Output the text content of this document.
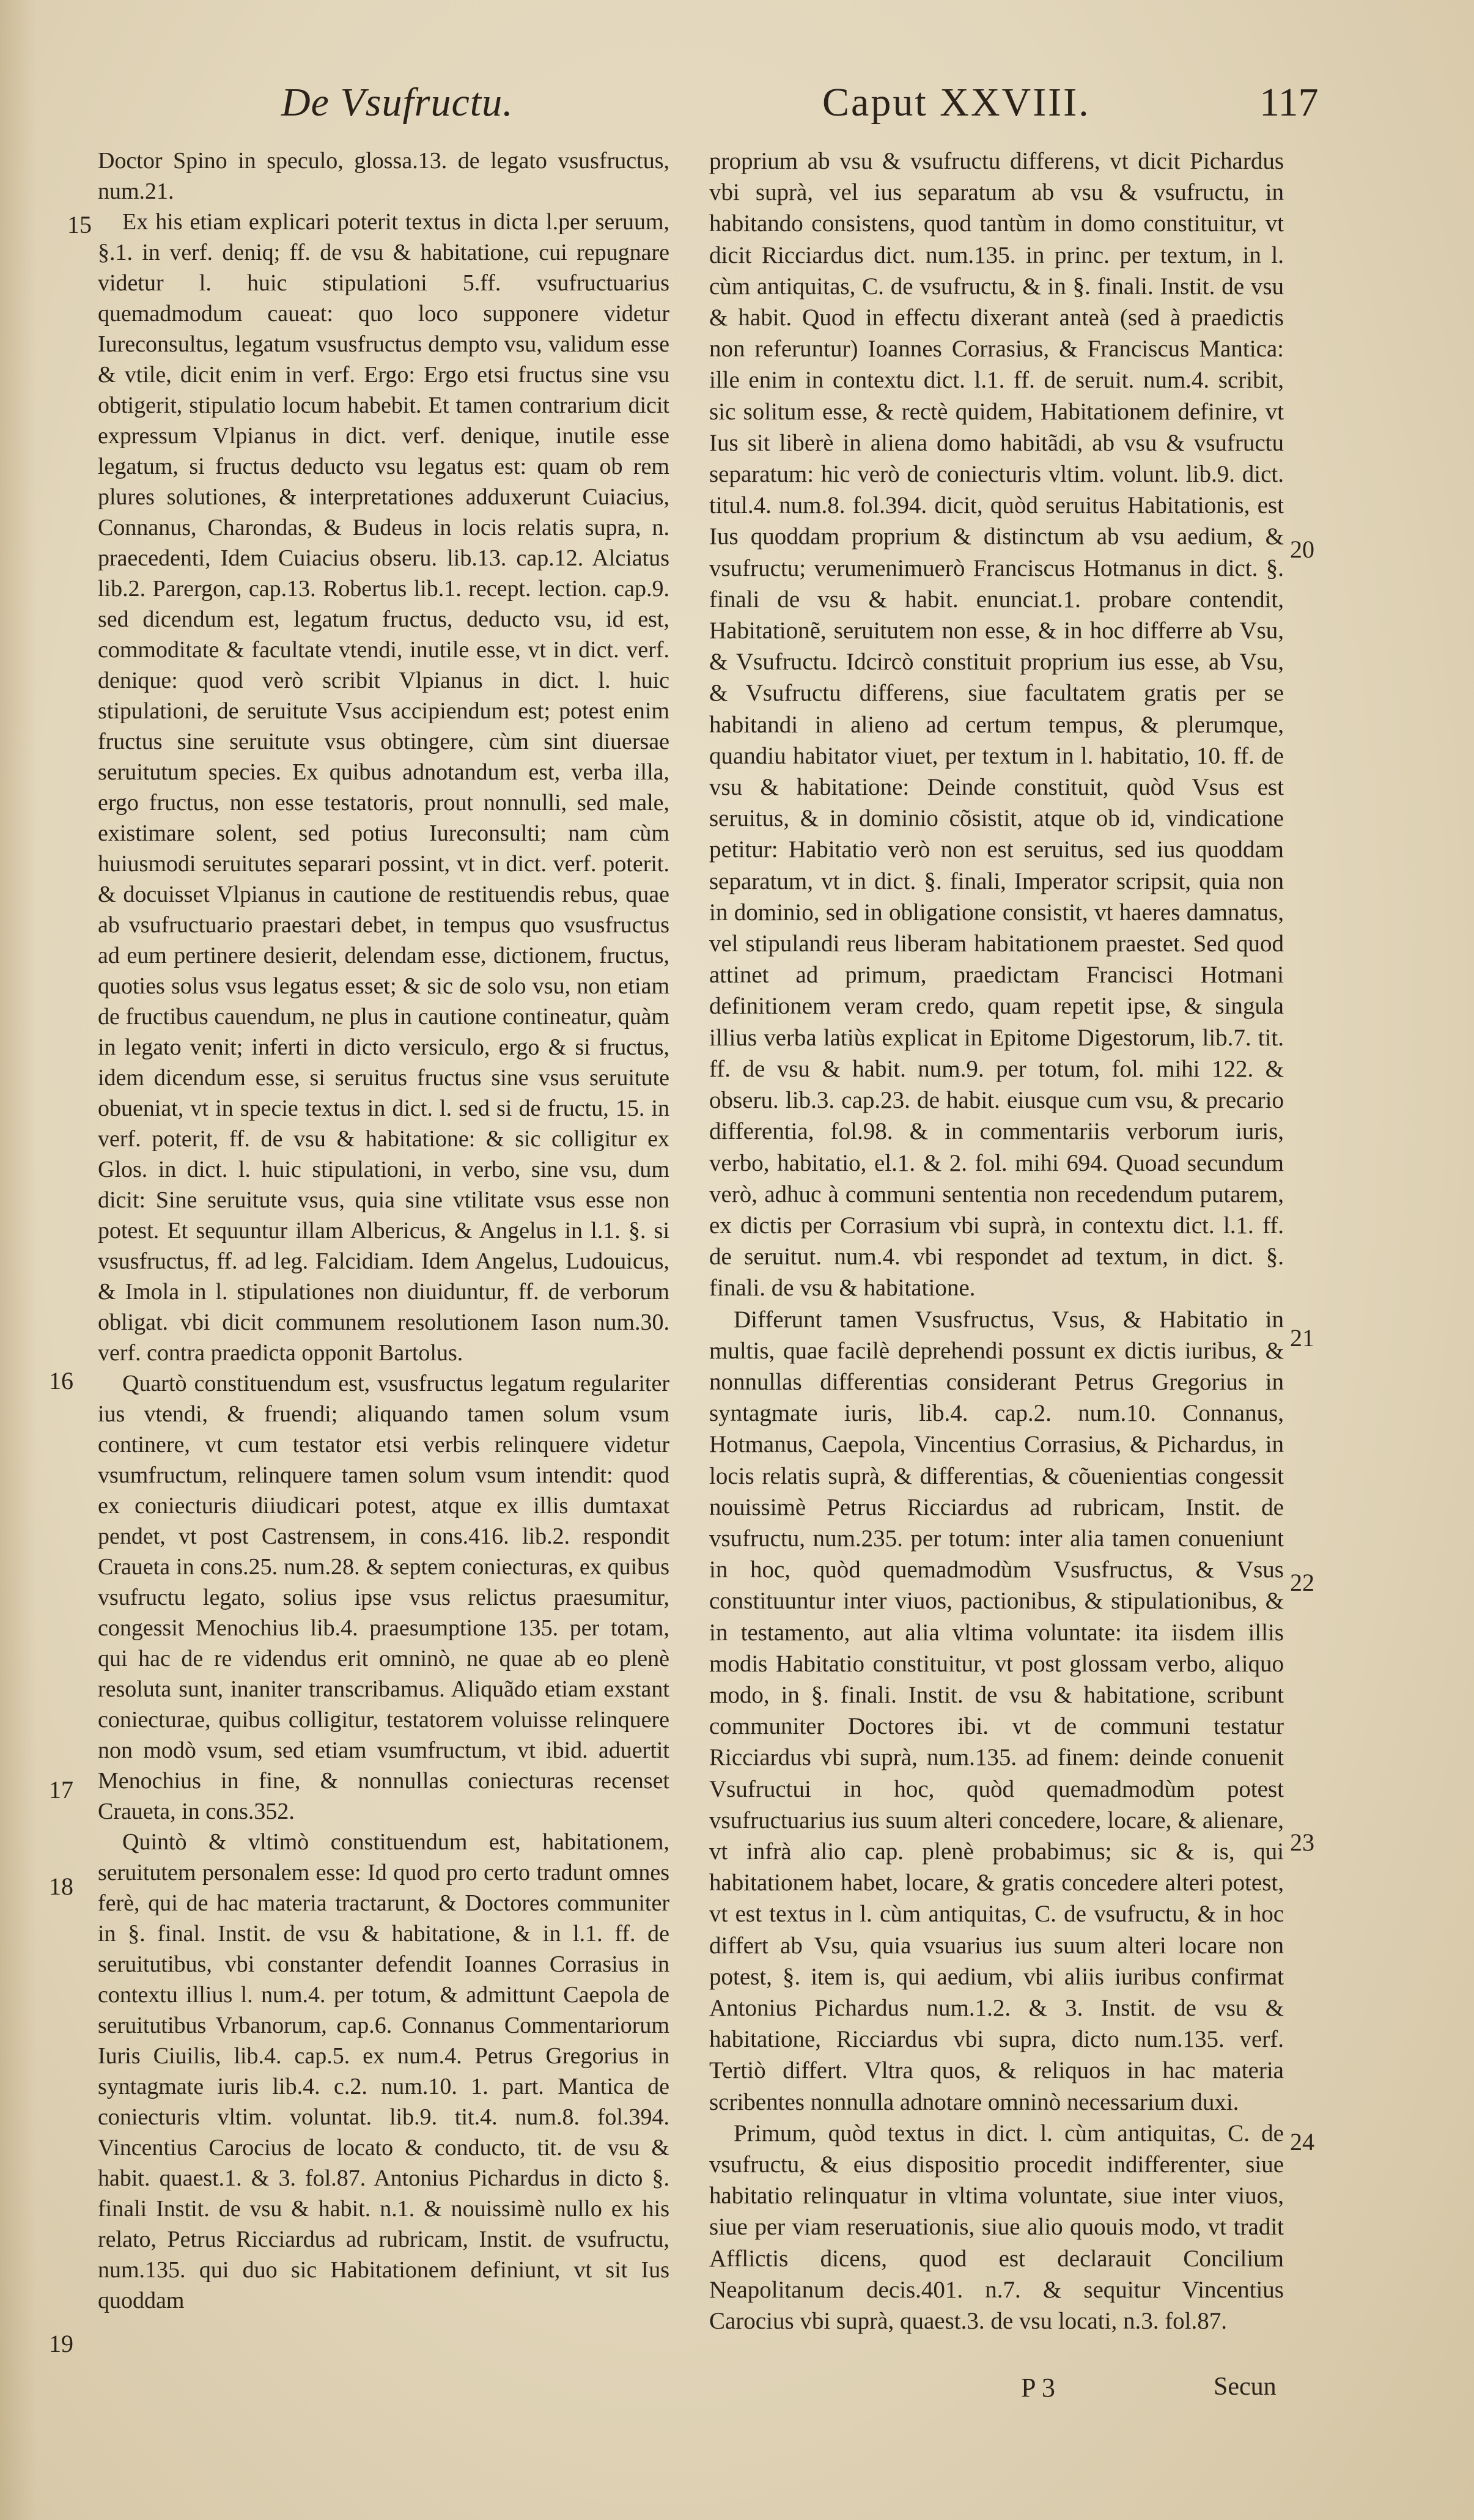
De Vsufructu.	Caput XXVIII.	117

Doctor Spino in speculo, glossa.13. de legato vsusfructus, num.21.

Ex his etiam explicari poterit textus in dicta l.per seruum, §.1. in verf. deniq; ff. de vsu & habitatione, cui repugnare videtur l. huic stipulationi 5.ff. vsufructuarius quemadmodum caueat: quo loco supponere videtur Iureconsultus, legatum vsusfructus dempto vsu, validum esse & vtile, dicit enim in verf. Ergo: Ergo etsi fructus sine vsu obtigerit, stipulatio locum habebit. Et tamen contrarium dicit expressum Vlpianus in dict. verf. denique, inutile esse legatum, si fructus deducto vsu legatus est: quam ob rem plures solutiones, & interpretationes adduxerunt Cuiacius, Connanus, Charondas, & Budeus in locis relatis supra, n. praecedenti, Idem Cuiacius obseru. lib.13. cap.12. Alciatus lib.2. Parergon, cap.13. Robertus lib.1. recept. lection. cap.9. sed dicendum est, legatum fructus, deducto vsu, id est, commoditate & facultate vtendi, inutile esse, vt in dict. verf. denique: quod verò scribit Vlpianus in dict. l. huic stipulationi, de seruitute Vsus accipiendum est; potest enim fructus sine seruitute vsus obtingere, cùm sint diuersae seruitutum species. Ex quibus adnotandum est, verba illa, ergo fructus, non esse testatoris, prout nonnulli, sed male, existimare solent, sed potius Iureconsulti; nam cùm huiusmodi seruitutes separari possint, vt in dict. verf. poterit. & docuisset Vlpianus in cautione de restituendis rebus, quae ab vsufructuario praestari debet, in tempus quo vsusfructus ad eum pertinere desierit, delendam esse, dictionem, fructus, quoties solus vsus legatus esset; & sic de solo vsu, non etiam de fructibus cauendum, ne plus in cautione contineatur, quàm in legato venit; inferti in dicto versiculo, ergo & si fructus, idem dicendum esse, si seruitus fructus sine vsus seruitute obueniat, vt in specie textus in dict. l. sed si de fructu, 15. in verf. poterit, ff. de vsu & habitatione: & sic colligitur ex Glos. in dict. l. huic stipulationi, in verbo, sine vsu, dum dicit: Sine seruitute vsus, quia sine vtilitate vsus esse non potest. Et sequuntur illam Albericus, & Angelus in l.1. §. si vsusfructus, ff. ad leg. Falcidiam. Idem Angelus, Ludouicus, & Imola in l. stipulationes non diuiduntur, ff. de verborum obligat. vbi dicit communem resolutionem Iason num.30. verf. contra praedicta opponit Bartolus.

Quartò constituendum est, vsusfructus legatum regulariter ius vtendi, & fruendi; aliquando tamen solum vsum continere, vt cum testator etsi verbis relinquere videtur vsumfructum, relinquere tamen solum vsum intendit: quod ex coniecturis diiudicari potest, atque ex illis dumtaxat pendet, vt post Castrensem, in cons.416. lib.2. respondit Craueta in cons.25. num.28. & septem coniecturas, ex quibus vsufructu legato, solius ipse vsus relictus praesumitur, congessit Menochius lib.4. praesumptione 135. per totam, qui hac de re videndus erit omninò, ne quae ab eo plenè resoluta sunt, inaniter transcribamus. Aliquãdo etiam exstant coniecturae, quibus colligitur, testatorem voluisse relinquere non modò vsum, sed etiam vsumfructum, vt ibid. aduertit Menochius in fine, & nonnullas coniecturas recenset Craueta, in cons.352.

Quintò & vltimò constituendum est, habitationem, seruitutem personalem esse: Id quod pro certo tradunt omnes ferè, qui de hac materia tractarunt, & Doctores communiter in §. final. Instit. de vsu & habitatione, & in l.1. ff. de seruitutibus, vbi constanter defendit Ioannes Corrasius in contextu illius l. num.4. per totum, & admittunt Caepola de seruitutibus Vrbanorum, cap.6. Connanus Commentariorum Iuris Ciuilis, lib.4. cap.5. ex num.4. Petrus Gregorius in syntagmate iuris lib.4. c.2. num.10. 1. part. Mantica de coniecturis vltim. voluntat. lib.9. tit.4. num.8. fol.394. Vincentius Carocius de locato & conducto, tit. de vsu & habit. quaest.1. & 3. fol.87. Antonius Pichardus in dicto §. finali Instit. de vsu & habit. n.1. & nouissimè nullo ex his relato, Petrus Ricciardus ad rubricam, Instit. de vsufructu, num.135. qui duo sic Habitationem definiunt, vt sit Ius quoddam

15
16
17
18
19

proprium ab vsu & vsufructu differens, vt dicit Pichardus vbi suprà, vel ius separatum ab vsu & vsufructu, in habitando consistens, quod tantùm in domo constituitur, vt dicit Ricciardus dict. num.135. in princ. per textum, in l. cùm antiquitas, C. de vsufructu, & in §. finali. Instit. de vsu & habit. Quod in effectu dixerant anteà (sed à praedictis non referuntur) Ioannes Corrasius, & Franciscus Mantica: ille enim in contextu dict. l.1. ff. de seruit. num.4. scribit, sic solitum esse, & rectè quidem, Habitationem definire, vt Ius sit liberè in aliena domo habitãdi, ab vsu & vsufructu separatum: hic verò de coniecturis vltim. volunt. lib.9. dict. titul.4. num.8. fol.394. dicit, quòd seruitus Habitationis, est Ius quoddam proprium & distinctum ab vsu aedium, & vsufructu; verumenimuerò Franciscus Hotmanus in dict. §. finali de vsu & habit. enunciat.1. probare contendit, Habitationẽ, seruitutem non esse, & in hoc differre ab Vsu, & Vsufructu. Idcircò constituit proprium ius esse, ab Vsu, & Vsufructu differens, siue facultatem gratis per se habitandi in alieno ad certum tempus, & plerumque, quandiu habitator viuet, per textum in l. habitatio, 10. ff. de vsu & habitatione: Deinde constituit, quòd Vsus est seruitus, & in dominio cõsistit, atque ob id, vindicatione petitur: Habitatio verò non est seruitus, sed ius quoddam separatum, vt in dict. §. finali, Imperator scripsit, quia non in dominio, sed in obligatione consistit, vt haeres damnatus, vel stipulandi reus liberam habitationem praestet. Sed quod attinet ad primum, praedictam Francisci Hotmani definitionem veram credo, quam repetit ipse, & singula illius verba latiùs explicat in Epitome Digestorum, lib.7. tit. ff. de vsu & habit. num.9. per totum, fol. mihi 122. & obseru. lib.3. cap.23. de habit. eiusque cum vsu, & precario differentia, fol.98. & in commentariis verborum iuris, verbo, habitatio, el.1. & 2. fol. mihi 694. Quoad secundum verò, adhuc à communi sententia non recedendum putarem, ex dictis per Corrasium vbi suprà, in contextu dict. l.1. ff. de seruitut. num.4. vbi respondet ad textum, in dict. §. finali. de vsu & habitatione.

Differunt tamen Vsusfructus, Vsus, & Habitatio in multis, quae facilè deprehendi possunt ex dictis iuribus, & nonnullas differentias considerant Petrus Gregorius in syntagmate iuris, lib.4. cap.2. num.10. Connanus, Hotmanus, Caepola, Vincentius Corrasius, & Pichardus, in locis relatis suprà, & differentias, & cõuenientias congessit nouissimè Petrus Ricciardus ad rubricam, Instit. de vsufructu, num.235. per totum: inter alia tamen conueniunt in hoc, quòd quemadmodùm Vsusfructus, & Vsus constituuntur inter viuos, pactionibus, & stipulationibus, & in testamento, aut alia vltima voluntate: ita iisdem illis modis Habitatio constituitur, vt post glossam verbo, aliquo modo, in §. finali. Instit. de vsu & habitatione, scribunt communiter Doctores ibi. vt de communi testatur Ricciardus vbi suprà, num.135. ad finem: deinde conuenit Vsufructui in hoc, quòd quemadmodùm potest vsufructuarius ius suum alteri concedere, locare, & alienare, vt infrà alio cap. plenè probabimus; sic & is, qui habitationem habet, locare, & gratis concedere alteri potest, vt est textus in l. cùm antiquitas, C. de vsufructu, & in hoc differt ab Vsu, quia vsuarius ius suum alteri locare non potest, §. item is, qui aedium, vbi aliis iuribus confirmat Antonius Pichardus num.1.2. & 3. Instit. de vsu & habitatione, Ricciardus vbi supra, dicto num.135. verf. Tertiò differt. Vltra quos, & reliquos in hac materia scribentes nonnulla adnotare omninò necessarium duxi.

Primum, quòd textus in dict. l. cùm antiquitas, C. de vsufructu, & eius dispositio procedit indifferenter, siue habitatio relinquatur in vltima voluntate, siue inter viuos, siue per viam reseruationis, siue alio quouis modo, vt tradit Afflictis dicens, quod est declarauit Concilium Neapolitanum decis.401. n.7. & sequitur Vincentius Carocius vbi suprà, quaest.3. de vsu locati, n.3. fol.87.

20
21
22
23
24
P 3	Secun
